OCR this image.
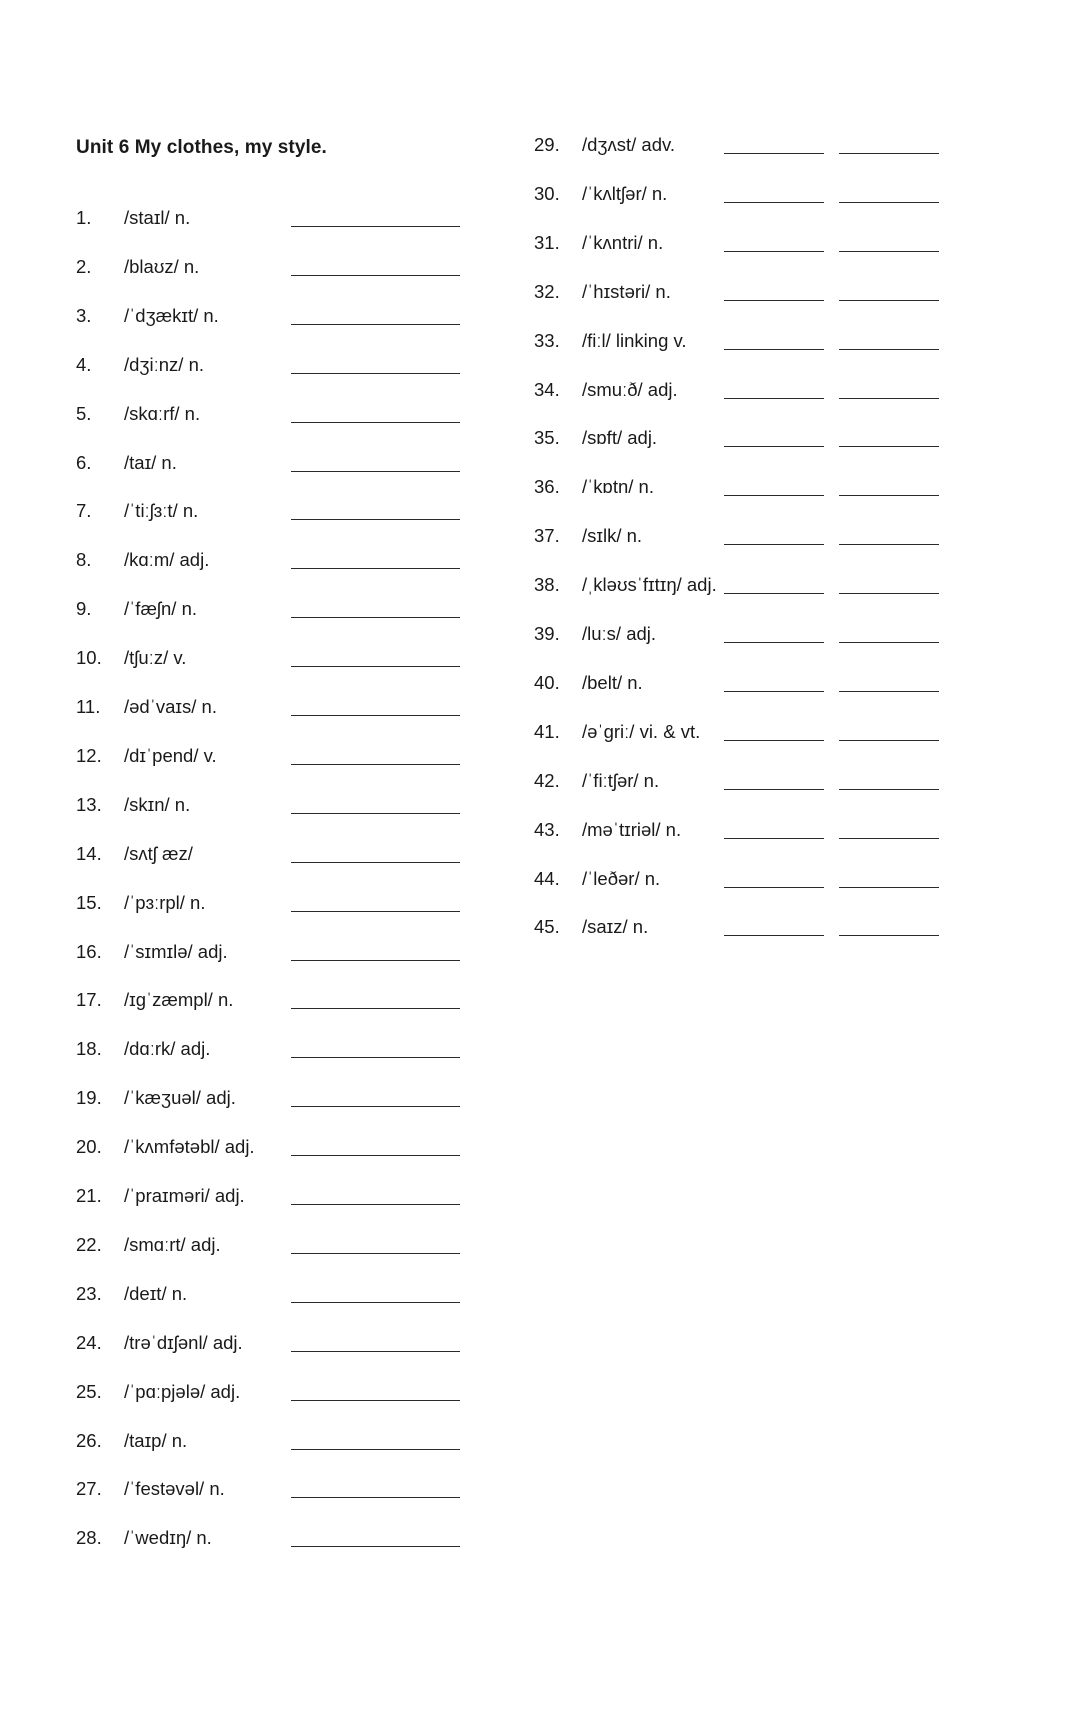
Unit 6 My clothes, my style.
1. /staɪl/ n.
2. /blaʊz/ n.
3. /ˈdʒækɪt/ n.
4. /dʒiːnz/ n.
5. /skɑːrf/ n.
6. /taɪ/ n.
7. /ˈtiːʃɜːt/ n.
8. /kɑːm/ adj.
9. /ˈfæʃn/ n.
10. /tʃuːz/ v.
11. /ədˈvaɪs/ n.
12. /dɪˈpend/ v.
13. /skɪn/ n.
14. /sʌtʃ æz/
15. /ˈpɜːrpl/ n.
16. /ˈsɪmɪlə/ adj.
17. /ɪɡˈzæmpl/ n.
18. /dɑːrk/ adj.
19. /ˈkæʒuəl/ adj.
20. /ˈkʌmfətəbl/ adj.
21. /ˈpraɪməri/ adj.
22. /smɑːrt/ adj.
23. /deɪt/ n.
24. /trəˈdɪʃənl/ adj.
25. /ˈpɑːpjələ/ adj.
26. /taɪp/ n.
27. /ˈfestəvəl/ n.
28. /ˈwedɪŋ/ n.
29. /dʒʌst/ adv.
30. /ˈkʌltʃər/ n.
31. /ˈkʌntri/ n.
32. /ˈhɪstəri/ n.
33. /fiːl/ linking v.
34. /smuːð/ adj.
35. /sɒft/ adj.
36. /ˈkɒtn/ n.
37. /sɪlk/ n.
38. /ˌkləʊsˈfɪtɪŋ/ adj.
39. /luːs/ adj.
40. /belt/ n.
41. /əˈɡriː/ vi. & vt.
42. /ˈfiːtʃər/ n.
43. /məˈtɪriəl/ n.
44. /ˈleðər/ n.
45. /saɪz/ n.
